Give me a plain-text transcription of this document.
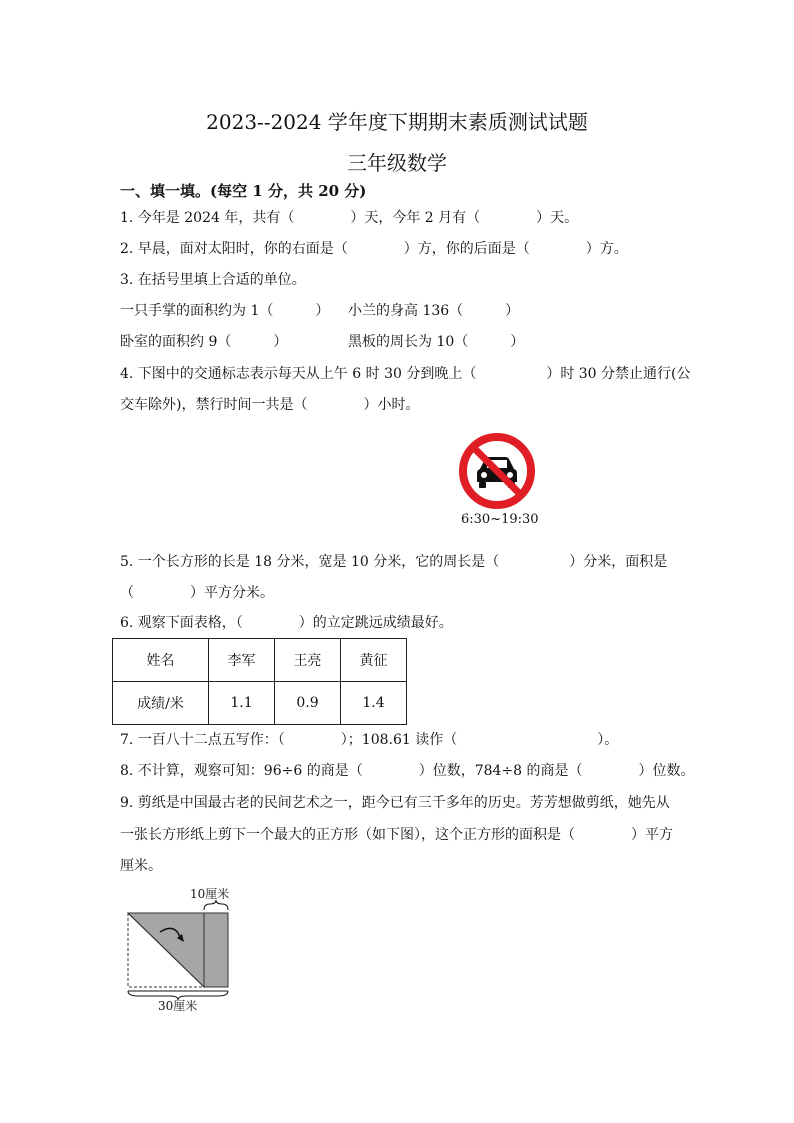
2023--2024 学年度下期期末素质测试试题
三年级数学
一、填一填。(每空 1 分，共 20 分)
1. 今年是 2024 年，共有（　　　　）天，今年 2 月有（　　　　）天。
2. 早晨，面对太阳时，你的右面是（　　　　）方，你的后面是（　　　　）方。
3. 在括号里填上合适的单位。
一只手掌的面积约为 1（　　　） 小兰的身高 136（　　　）
卧室的面积约 9（　　　）	黑板的周长为 10（　　　）
4. 下图中的交通标志表示每天从上午 6 时 30 分到晚上（　　　　　）时 30 分禁止通行(公
交车除外)，禁行时间一共是（　　　　）小时。
6:30~19:30
5. 一个长方形的长是 18 分米，宽是 10 分米，它的周长是（　　　　　）分米，面积是
（　　　　）平方分米。
6. 观察下面表格，（　　　　）的立定跳远成绩最好。
姓名	李军	王亮	黄征
成绩/米	1.1	0.9	1.4
7. 一百八十二点五写作：（　　　　）；108.61 读作（　　　　　　　　　　）。
8. 不计算，观察可知：96÷6 的商是（　　　　）位数，784÷8 的商是（　　　　）位数。
9. 剪纸是中国最古老的民间艺术之一，距今已有三千多年的历史。芳芳想做剪纸，她先从
一张长方形纸上剪下一个最大的正方形（如下图），这个正方形的面积是（　　　　）平方
厘米。
10厘米
30厘米
